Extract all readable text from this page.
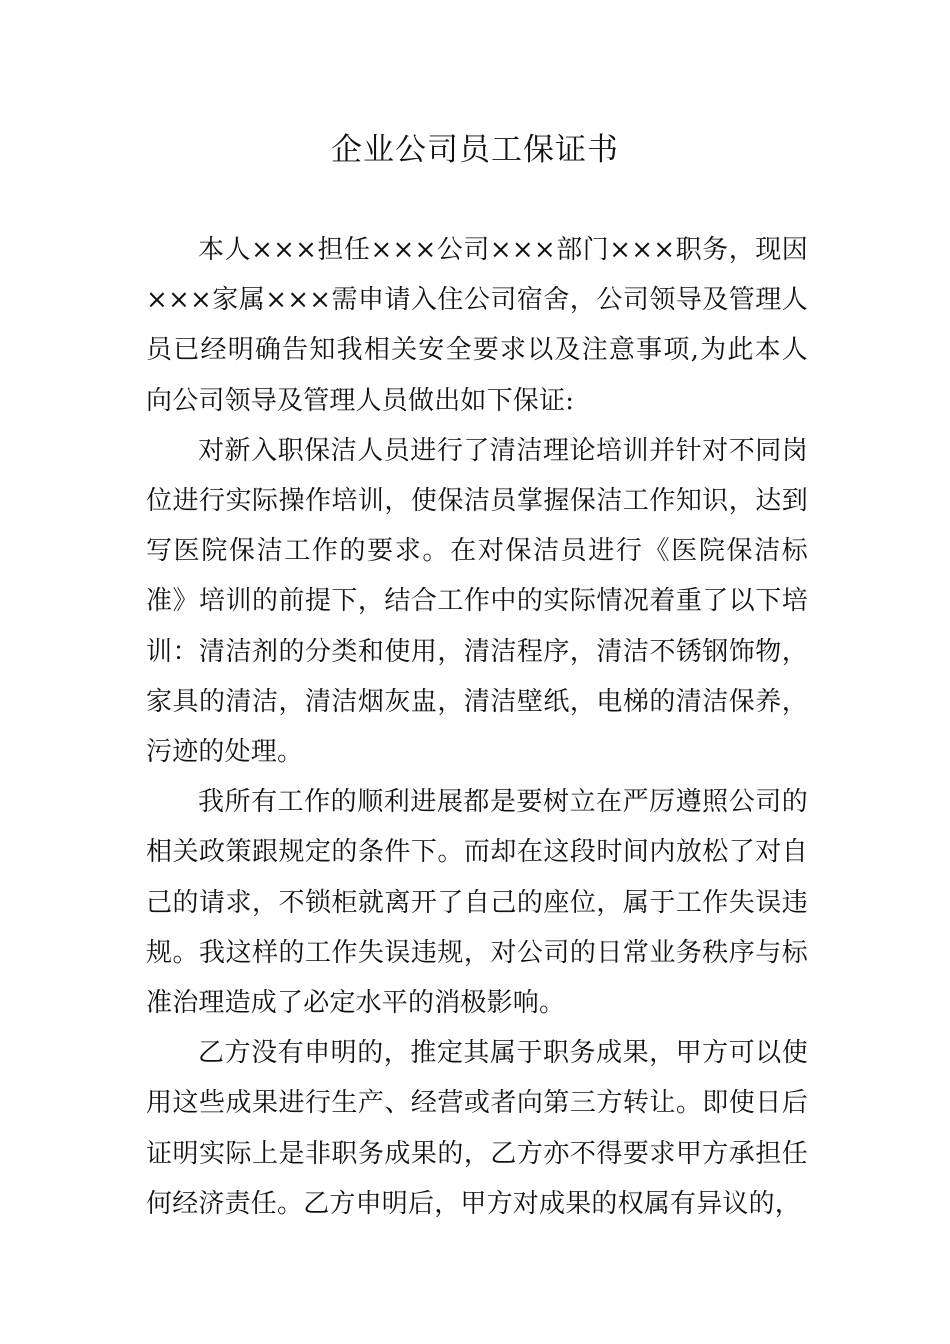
企业公司员工保证书

本人×××担任×××公司×××部门×××职务，现因×××家属×××需申请入住公司宿舍，公司领导及管理人员已经明确告知我相关安全要求以及注意事项,为此本人向公司领导及管理人员做出如下保证:

对新入职保洁人员进行了清洁理论培训并针对不同岗位进行实际操作培训，使保洁员掌握保洁工作知识，达到写医院保洁工作的要求。在对保洁员进行《医院保洁标准》培训的前提下，结合工作中的实际情况着重了以下培训：清洁剂的分类和使用，清洁程序，清洁不锈钢饰物，家具的清洁，清洁烟灰盅，清洁壁纸，电梯的清洁保养，污迹的处理。

我所有工作的顺利进展都是要树立在严厉遵照公司的相关政策跟规定的条件下。而却在这段时间内放松了对自己的请求，不锁柜就离开了自己的座位，属于工作失误违规。我这样的工作失误违规，对公司的日常业务秩序与标准治理造成了必定水平的消极影响。

乙方没有申明的，推定其属于职务成果，甲方可以使用这些成果进行生产、经营或者向第三方转让。即使日后证明实际上是非职务成果的，乙方亦不得要求甲方承担任何经济责任。乙方申明后，甲方对成果的权属有异议的，
